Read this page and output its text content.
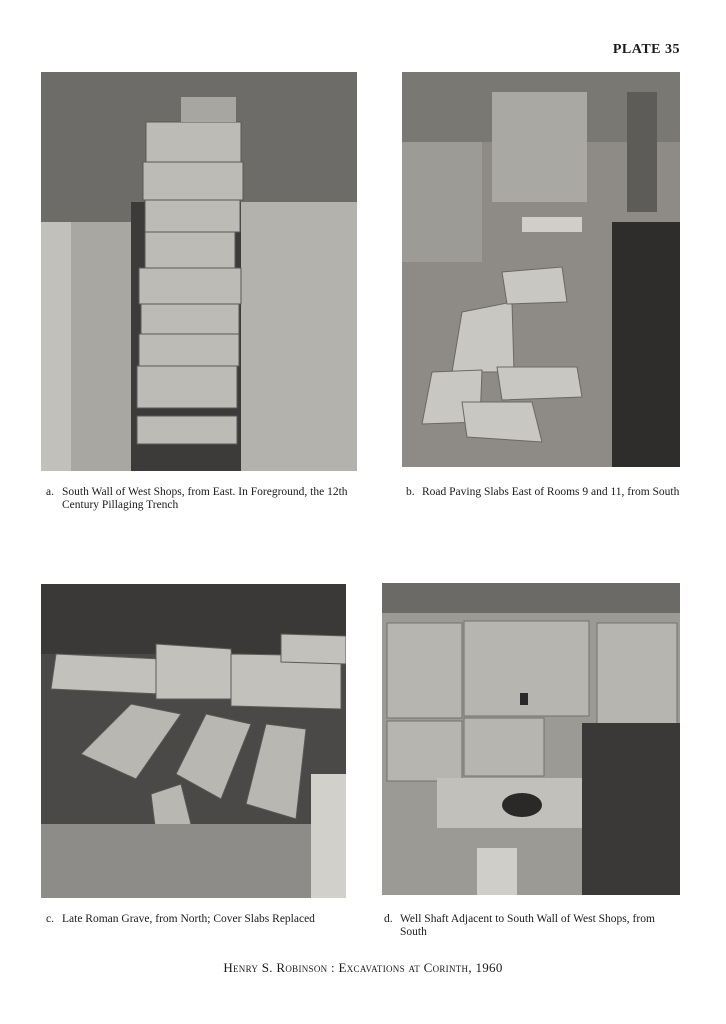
PLATE 35
a. South Wall of West Shops, from East. In Foreground, the 12th Century Pillaging Trench
b. Road Paving Slabs East of Rooms 9 and 11, from South
c. Late Roman Grave, from North; Cover Slabs Replaced	d. Well Shaft Adjacent to South Wall of West Shops, from South
Henry S. Robinson : Excavations at Corinth, 1960
